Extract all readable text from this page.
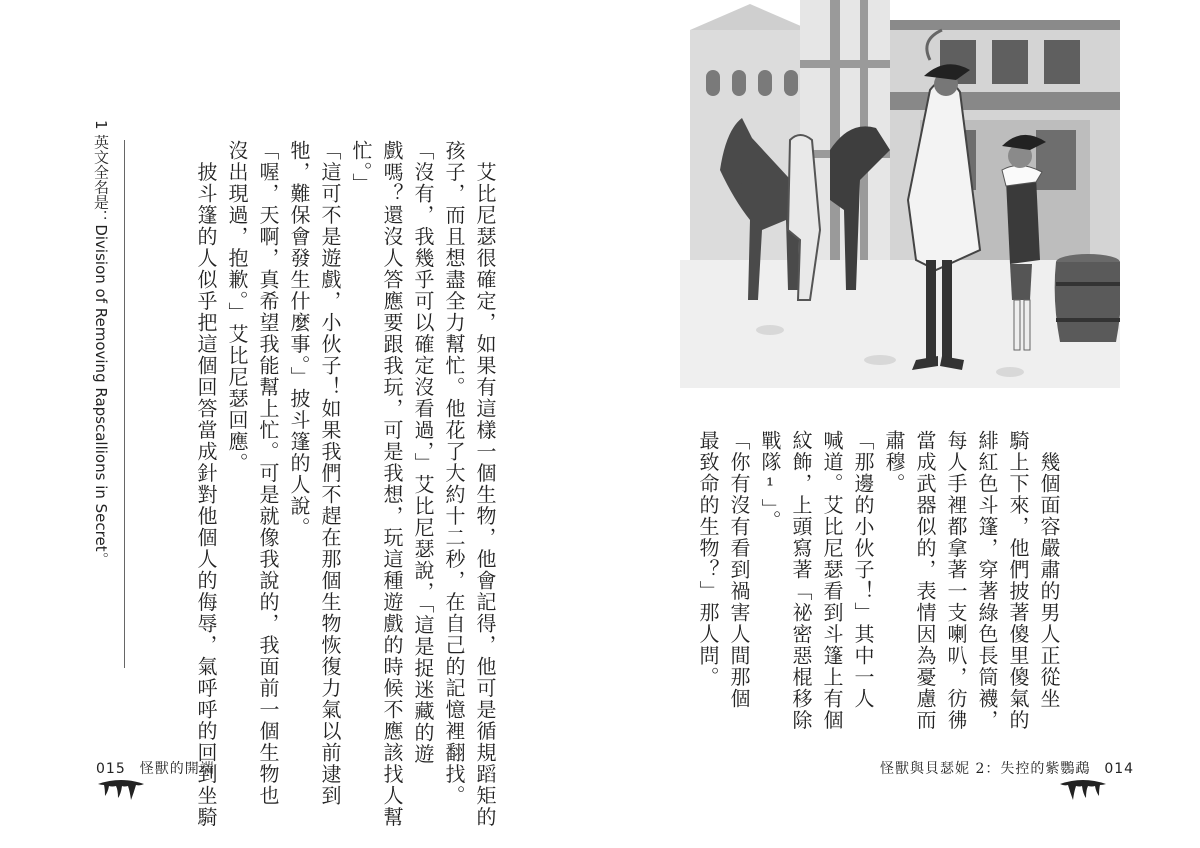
　艾比尼瑟很確定，如果有這樣一個生物，他會記得，他可是循規蹈矩的

孩子，而且想盡全力幫忙。他花了大約十二秒，在自己的記憶裡翻找。

「沒有，我幾乎可以確定沒看過，」艾比尼瑟說，「這是捉迷藏的遊

戲嗎？還沒人答應要跟我玩，可是我想，玩這種遊戲的時候不應該找人幫

忙。」

「這可不是遊戲，小伙子！如果我們不趕在那個生物恢復力氣以前逮到

牠，難保會發生什麼事。」披斗篷的人說。

「喔，天啊，真希望我能幫上忙。可是就像我說的，我面前一個生物也

沒出現過，抱歉。」艾比尼瑟回應。

　披斗篷的人似乎把這個回答當成針對他個人的侮辱，氣呼呼的回到坐騎

1 英文全名是：Division of Removing Rapscallions in Secret。
015 怪獸的開端

　幾個面容嚴肅的男人正從坐

騎上下來，他們披著傻里傻氣的

緋紅色斗篷，穿著綠色長筒襪，

每人手裡都拿著一支喇叭，彷彿

當成武器似的，表情因為憂慮而

肅穆。

「那邊的小伙子！」其中一人

喊道。艾比尼瑟看到斗篷上有個

紋飾，上頭寫著「祕密惡棍移除

戰隊¹」。

「你有沒有看到禍害人間那個

最致命的生物？」那人問。

怪獸與貝瑟妮 2：失控的紫鸚鵡 014
